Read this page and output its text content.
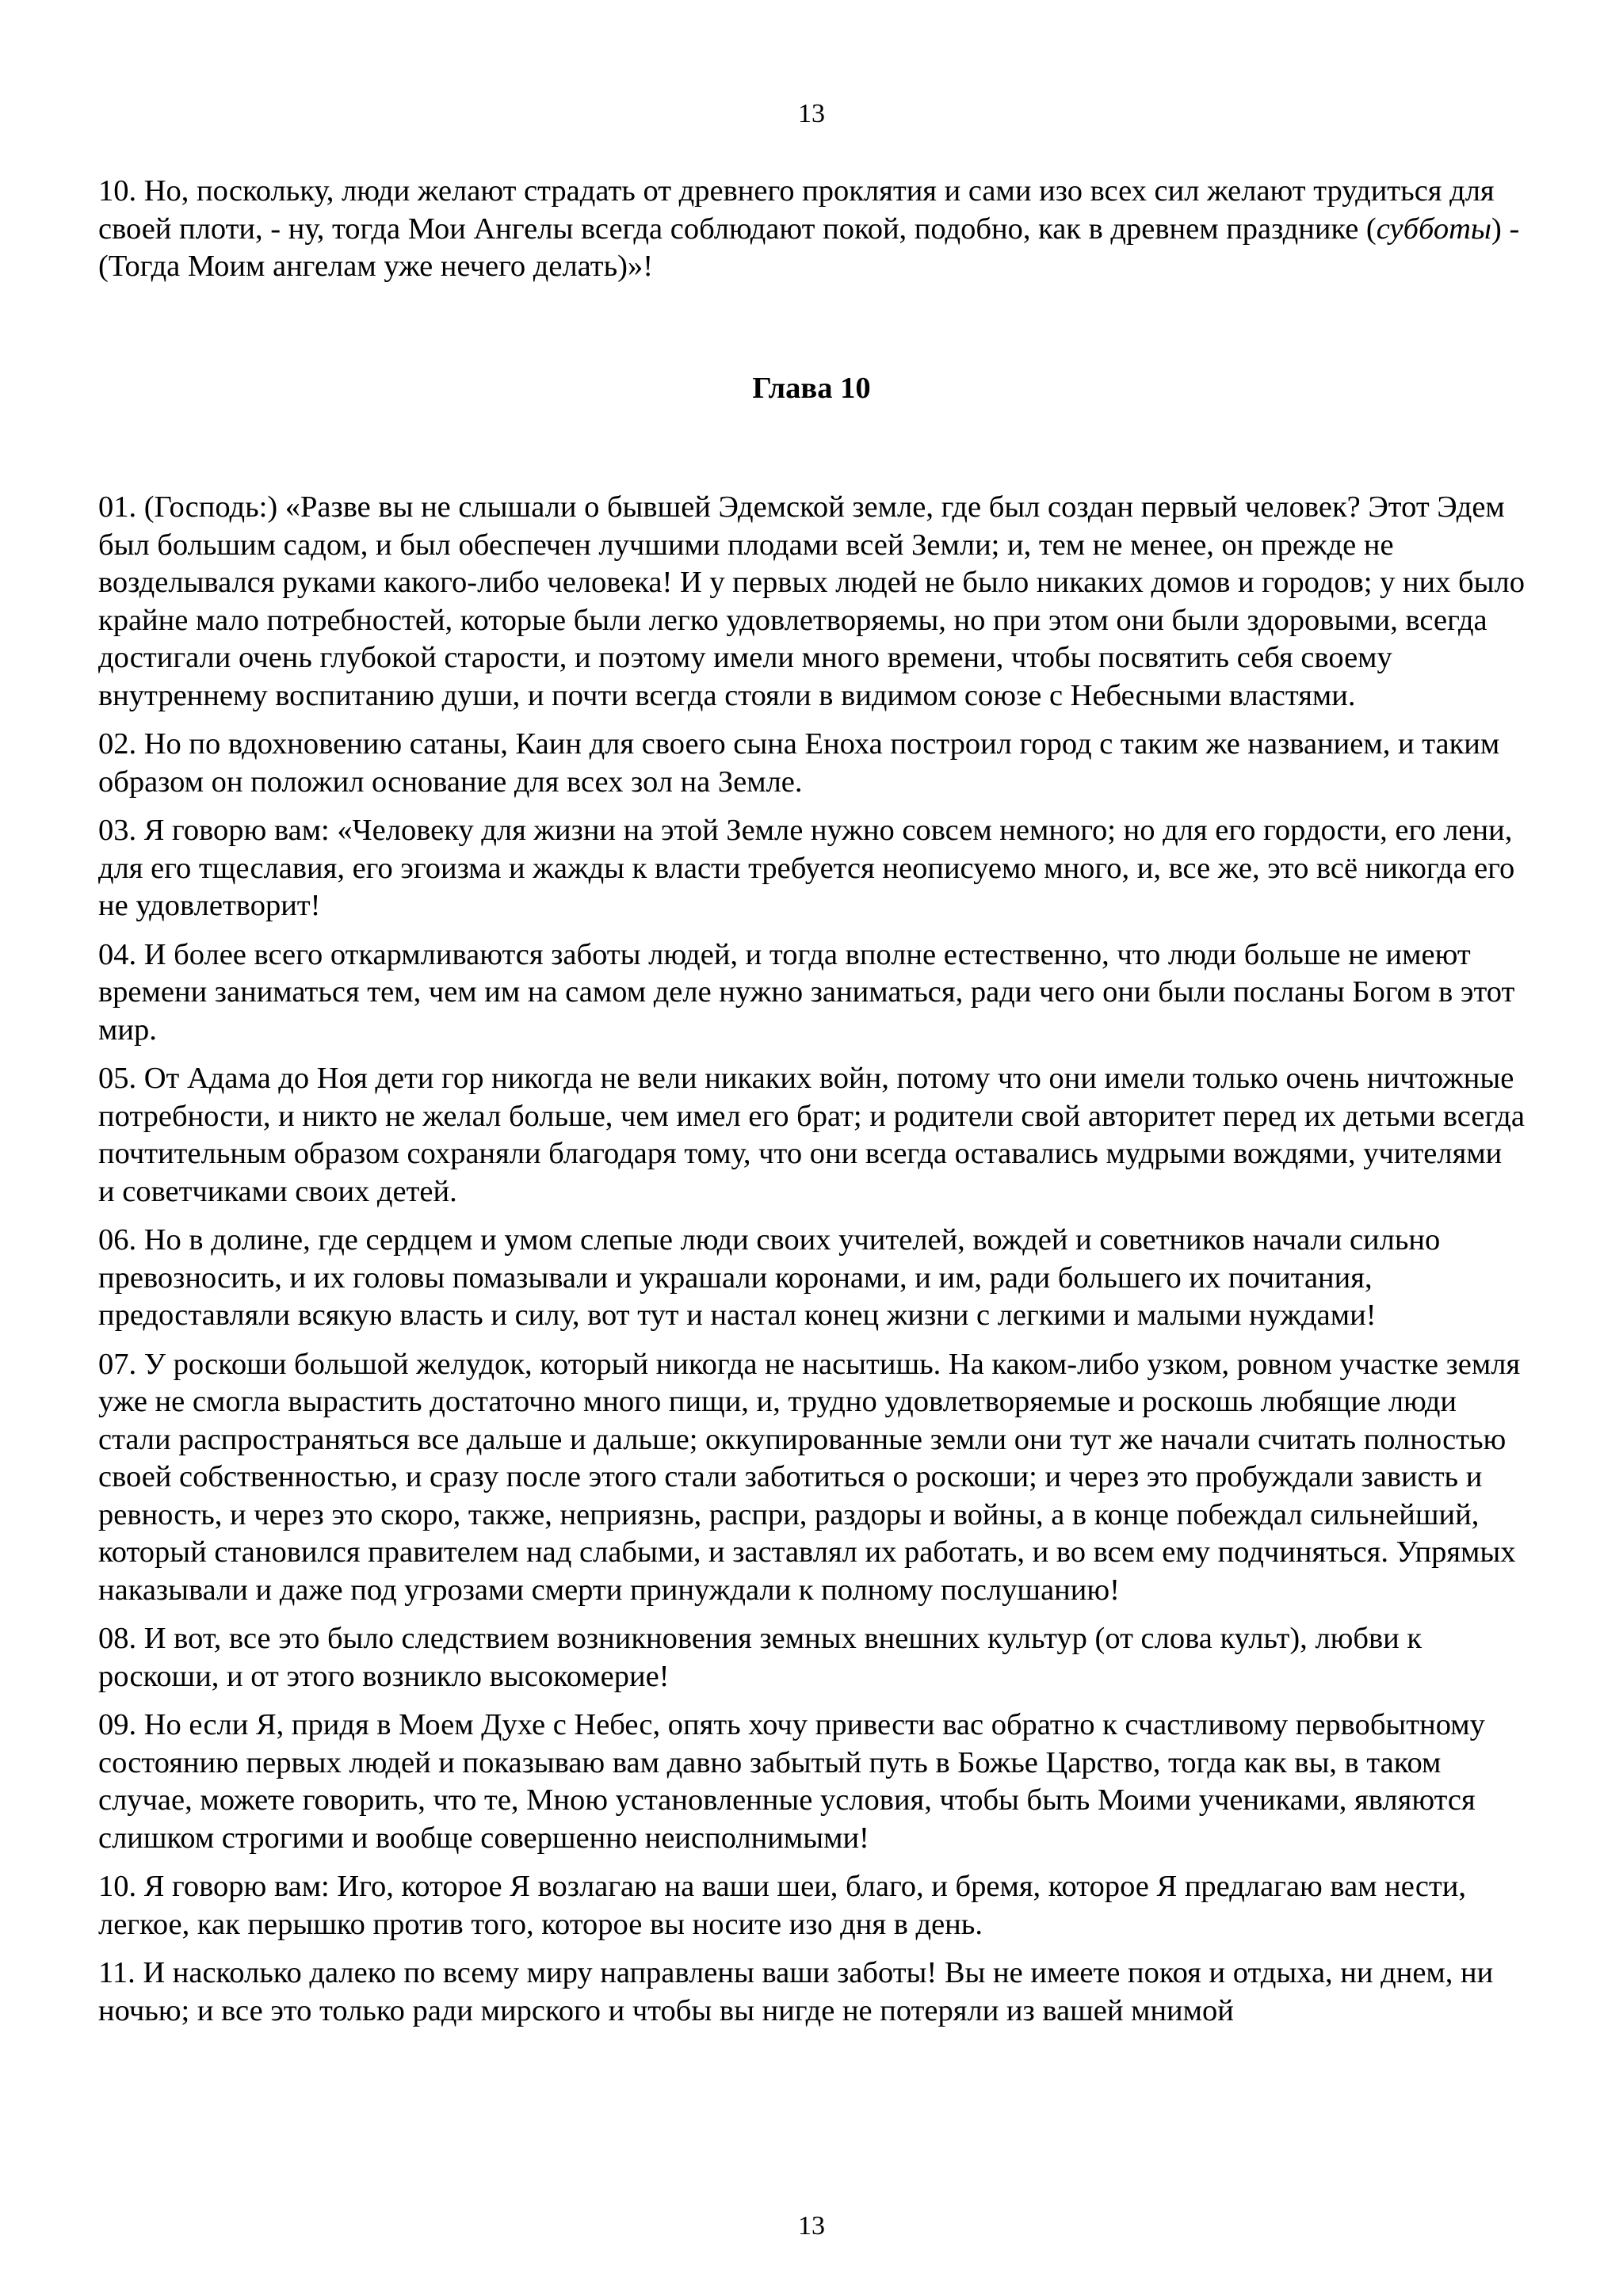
13

10. Но, поскольку, люди желают страдать от древнего проклятия и сами изо всех сил желают трудиться для своей плоти, - ну, тогда Мои Ангелы всегда соблюдают покой, подобно, как в древнем празднике (субботы) - (Тогда Моим ангелам уже нечего делать)»!

Глава 10

01. (Господь:) «Разве вы не слышали о бывшей Эдемской земле, где был создан первый человек? Этот Эдем был большим садом, и был обеспечен лучшими плодами всей Земли; и, тем не менее, он прежде не возделывался руками какого-либо человека! И у первых людей не было никаких домов и городов; у них было крайне мало потребностей, которые были легко удовлетворяемы, но при этом они были здоровыми, всегда достигали очень глубокой старости, и поэтому имели много времени, чтобы посвятить себя своему внутреннему воспитанию души, и почти всегда стояли в видимом союзе с Небесными властями.

02. Но по вдохновению сатаны, Каин для своего сына Еноха построил город с таким же названием, и таким образом он положил основание для всех зол на Земле.

03. Я говорю вам: «Человеку для жизни на этой Земле нужно совсем немного; но для его гордости, его лени, для его тщеславия, его эгоизма и жажды к власти требуется неописуемо много, и, все же, это всё никогда его не удовлетворит!

04. И более всего откармливаются заботы людей, и тогда вполне естественно, что люди больше не имеют времени заниматься тем, чем им на самом деле нужно заниматься, ради чего они были посланы Богом в этот мир.

05. От Адама до Ноя дети гор никогда не вели никаких войн, потому что они имели только очень ничтожные потребности, и никто не желал больше, чем имел его брат; и родители свой авторитет перед их детьми всегда почтительным образом сохраняли благодаря тому, что они всегда оставались мудрыми вождями, учителями и советчиками своих детей.

06. Но в долине, где сердцем и умом слепые люди своих учителей, вождей и советников начали сильно превозносить, и их головы помазывали и украшали коронами, и им, ради большего их почитания, предоставляли всякую власть и силу, вот тут и настал конец жизни с легкими и малыми нуждами!

07. У роскоши большой желудок, который никогда не насытишь. На каком-либо узком, ровном участке земля уже не смогла вырастить достаточно много пищи, и, трудно удовлетворяемые и роскошь любящие люди стали распространяться все дальше и дальше; оккупированные земли они тут же начали считать полностью своей собственностью, и сразу после этого стали заботиться о роскоши; и через это пробуждали зависть и ревность, и через это скоро, также, неприязнь, распри, раздоры и войны, а в конце побеждал сильнейший, который становился правителем над слабыми, и заставлял их работать, и во всем ему подчиняться. Упрямых наказывали и даже под угрозами смерти принуждали к полному послушанию!

08. И вот, все это было следствием возникновения земных внешних культур (от слова культ), любви к роскоши, и от этого возникло высокомерие!

09. Но если Я, придя в Моем Духе с Небес, опять хочу привести вас обратно к счастливому первобытному состоянию первых людей и показываю вам давно забытый путь в Божье Царство, тогда как вы, в таком случае, можете говорить, что те, Мною установленные условия, чтобы быть Моими учениками, являются слишком строгими и вообще совершенно неисполнимыми!

10. Я говорю вам: Иго, которое Я возлагаю на ваши шеи, благо, и бремя, которое Я предлагаю вам нести, легкое, как перышко против того, которое вы носите изо дня в день.

11. И насколько далеко по всему миру направлены ваши заботы! Вы не имеете покоя и отдыха, ни днем, ни ночью; и все это только ради мирского и чтобы вы нигде не потеряли из вашей мнимой

13
